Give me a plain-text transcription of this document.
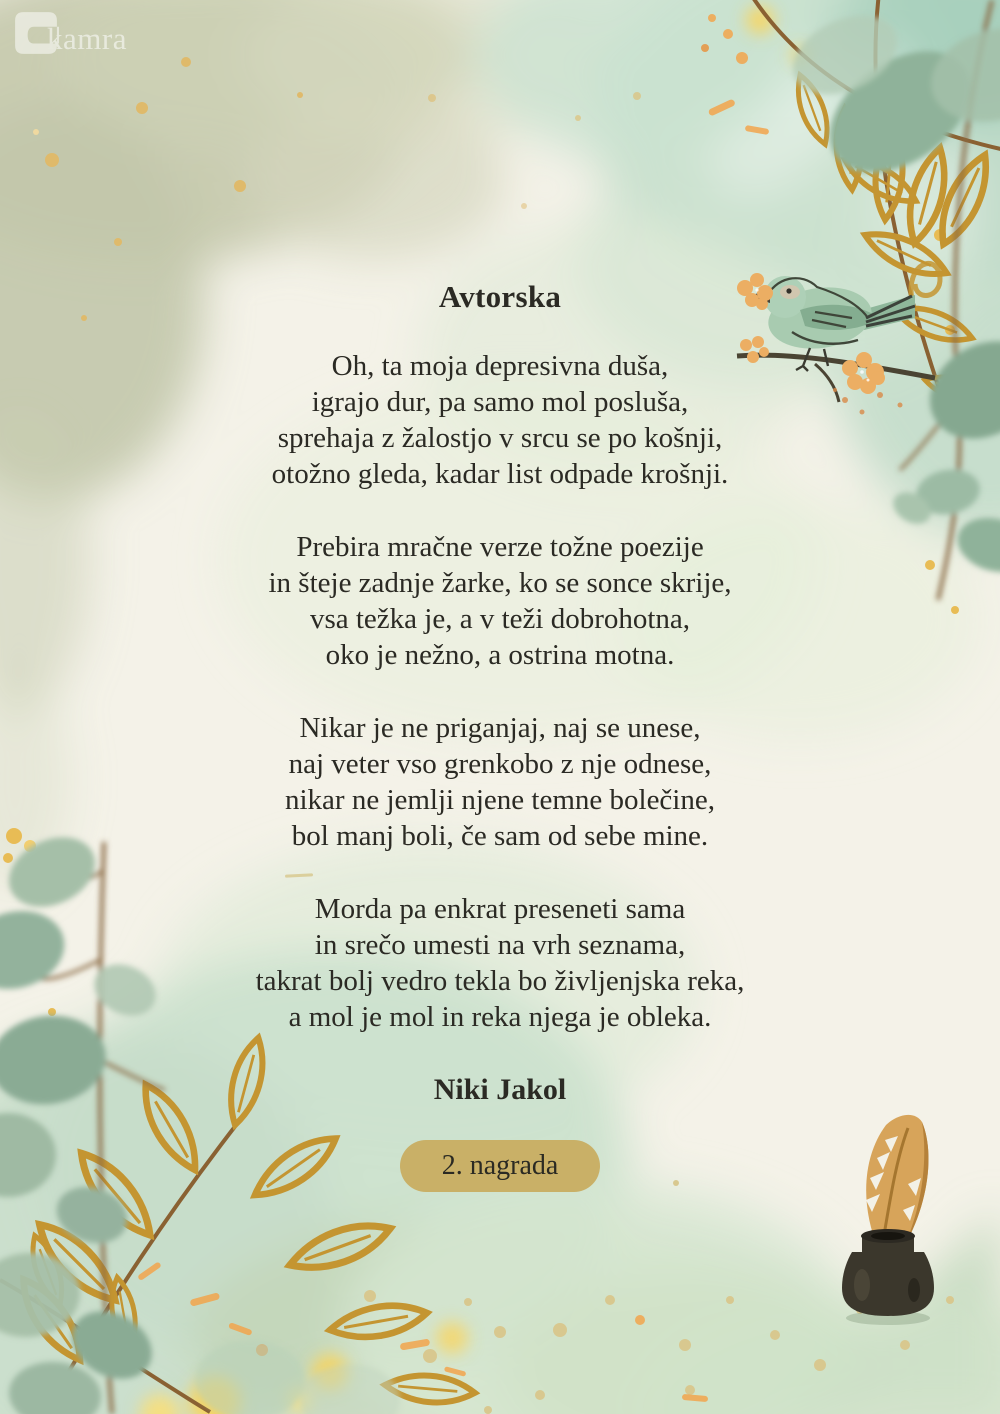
kamra
Avtorska

Oh, ta moja depresivna duša,
igrajo dur, pa samo mol posluša,
sprehaja z žalostjo v srcu se po košnji,
otožno gleda, kadar list odpade krošnji.

Prebira mračne verze tožne poezije
in šteje zadnje žarke, ko se sonce skrije,
vsa težka je, a v teži dobrohotna,
oko je nežno, a ostrina motna.

Nikar je ne priganjaj, naj se unese,
naj veter vso grenkobo z nje odnese,
nikar ne jemlji njene temne bolečine,
bol manj boli, če sam od sebe mine.

Morda pa enkrat preseneti sama
in srečo umesti na vrh seznama,
takrat bolj vedro tekla bo življenjska reka,
a mol je mol in reka njega je obleka.

Niki Jakol
2. nagrada
